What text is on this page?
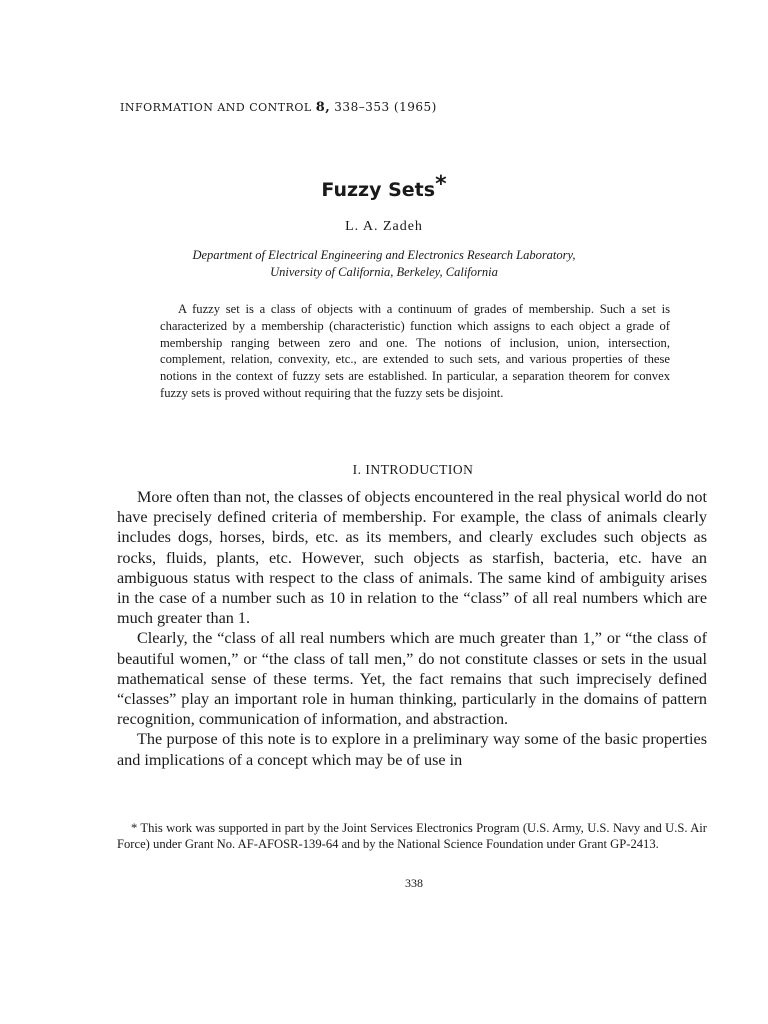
INFORMATION AND CONTROL 8, 338–353 (1965)
Fuzzy Sets*
L. A. Zadeh
Department of Electrical Engineering and Electronics Research Laboratory,
University of California, Berkeley, California

A fuzzy set is a class of objects with a continuum of grades of membership. Such a set is characterized by a membership (characteristic) function which assigns to each object a grade of membership ranging between zero and one. The notions of inclusion, union, intersection, complement, relation, convexity, etc., are extended to such sets, and various properties of these notions in the context of fuzzy sets are established. In particular, a separation theorem for convex fuzzy sets is proved without requiring that the fuzzy sets be disjoint.

I. INTRODUCTION

More often than not, the classes of objects encountered in the real physical world do not have precisely defined criteria of membership. For example, the class of animals clearly includes dogs, horses, birds, etc. as its members, and clearly excludes such objects as rocks, fluids, plants, etc. However, such objects as starfish, bacteria, etc. have an ambiguous status with respect to the class of animals. The same kind of ambiguity arises in the case of a number such as 10 in relation to the “class” of all real numbers which are much greater than 1.

Clearly, the “class of all real numbers which are much greater than 1,” or “the class of beautiful women,” or “the class of tall men,” do not constitute classes or sets in the usual mathematical sense of these terms. Yet, the fact remains that such imprecisely defined “classes” play an important role in human thinking, particularly in the domains of pattern recognition, communication of information, and abstraction.

The purpose of this note is to explore in a preliminary way some of the basic properties and implications of a concept which may be of use in

* This work was supported in part by the Joint Services Electronics Program (U.S. Army, U.S. Navy and U.S. Air Force) under Grant No. AF-AFOSR-139-64 and by the National Science Foundation under Grant GP-2413.

338
